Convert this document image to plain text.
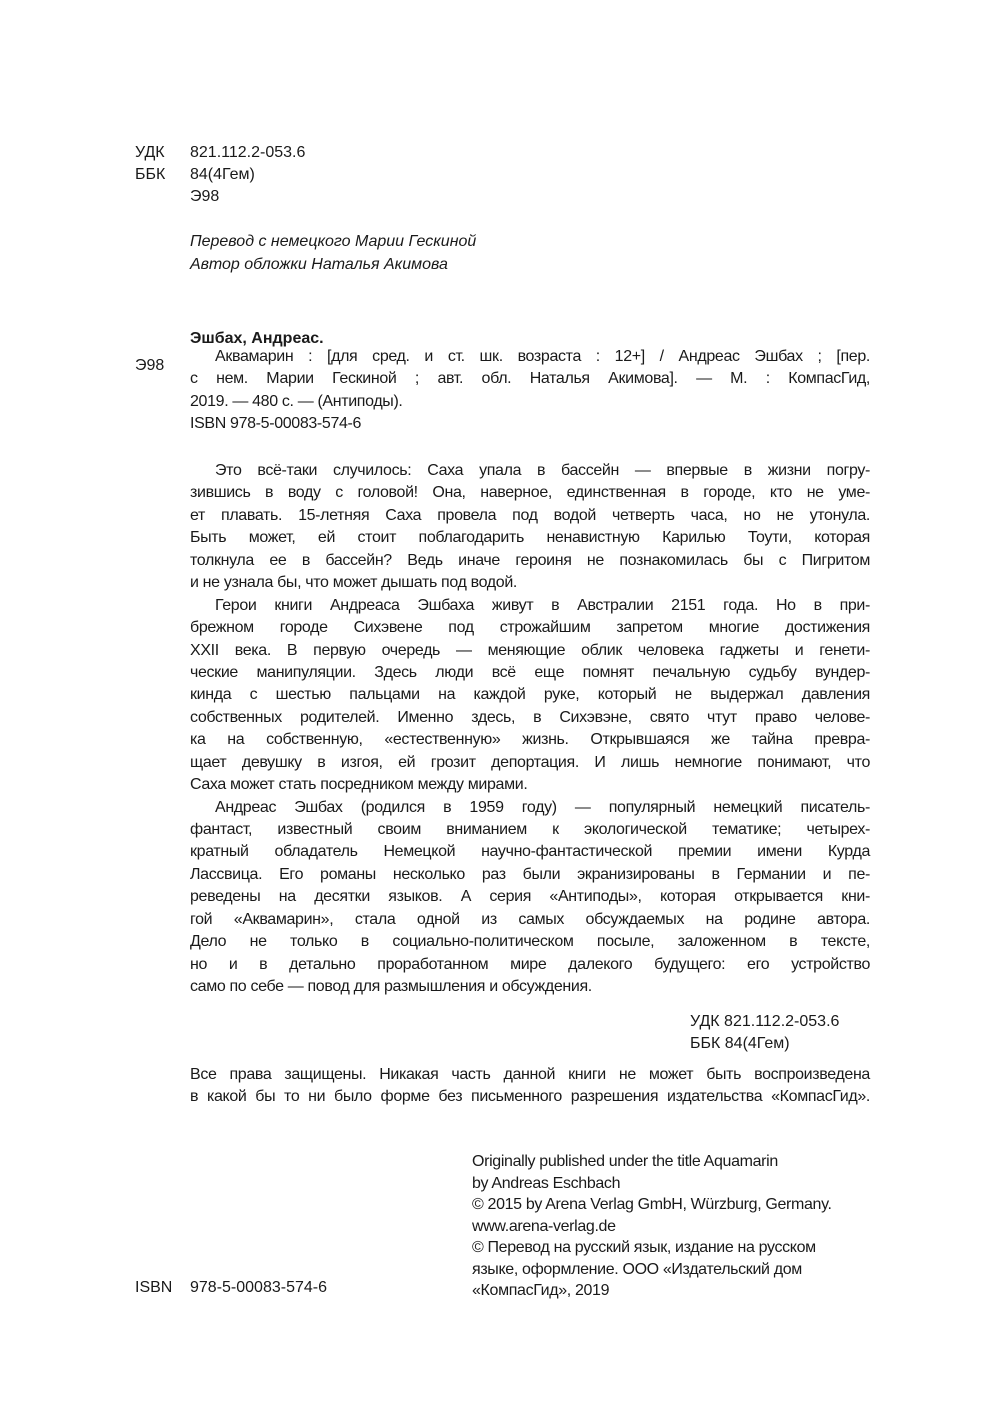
УДК 821.112.2-053.6
ББК 84(4Гем)
Э98
Перевод с немецкого Марии Гескиной
Автор обложки Наталья Акимова
Эшбах, Андреас.
Э98
Аквамарин : [для сред. и ст. шк. возраста : 12+] / Андреас Эшбах ; [пер.
с нем. Марии Гескиной ; авт. обл. Наталья Акимова]. — М. : КомпасГид,
2019. — 480 с. — (Антиподы).
ISBN 978-5-00083-574-6
Это всё-таки случилось: Саха упала в бассейн — впервые в жизни погру-
зившись в воду с головой! Она, наверное, единственная в городе, кто не уме-
ет плавать. 15-летняя Саха провела под водой четверть часа, но не утонула.
Быть может, ей стоит поблагодарить ненавистную Карилью Тоути, которая
толкнула ее в бассейн? Ведь иначе героиня не познакомилась бы с Пигритом
и не узнала бы, что может дышать под водой.
Герои книги Андреаса Эшбаха живут в Австралии 2151 года. Но в при-
брежном городе Сихэвене под строжайшим запретом многие достижения
XXII века. В первую очередь — меняющие облик человека гаджеты и генети-
ческие манипуляции. Здесь люди всё еще помнят печальную судьбу вундер-
кинда с шестью пальцами на каждой руке, который не выдержал давления
собственных родителей. Именно здесь, в Сихэвэне, свято чтут право челове-
ка на собственную, «естественную» жизнь. Открывшаяся же тайна превра-
щает девушку в изгоя, ей грозит депортация. И лишь немногие понимают, что
Саха может стать посредником между мирами.
Андреас Эшбах (родился в 1959 году) — популярный немецкий писатель-
фантаст, известный своим вниманием к экологической тематике; четырех-
кратный обладатель Немецкой научно-фантастической премии имени Курда
Лассвица. Его романы несколько раз были экранизированы в Германии и пе-
реведены на десятки языков. А серия «Антиподы», которая открывается кни-
гой «Аквамарин», стала одной из самых обсуждаемых на родине автора.
Дело не только в социально-политическом посыле, заложенном в тексте,
но и в детально проработанном мире далекого будущего: его устройство
само по себе — повод для размышления и обсуждения.
УДК 821.112.2-053.6
ББК 84(4Гем)
Все права защищены. Никакая часть данной книги не может быть воспроизведена
в какой бы то ни было форме без письменного разрешения издательства «КомпасГид».
Originally published under the title Aquamarin
by Andreas Eschbach
© 2015 by Arena Verlag GmbH, Würzburg, Germany.
www.arena-verlag.de
© Перевод на русский язык, издание на русском
языке, оформление. ООО «Издательский дом
«КомпасГид», 2019
ISBN 978-5-00083-574-6
